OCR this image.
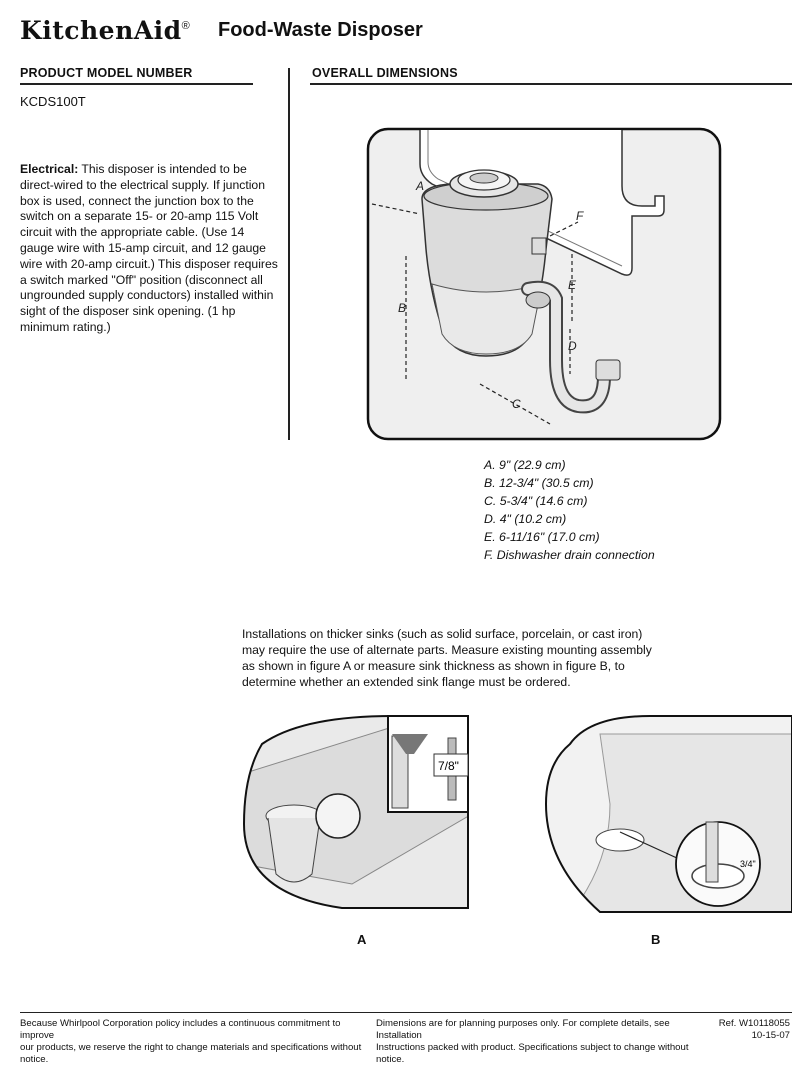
KitchenAid® Food-Waste Disposer
PRODUCT MODEL NUMBER
KCDS100T
Electrical: This disposer is intended to be direct-wired to the electrical supply. If junction box is used, connect the junction box to the switch on a separate 15- or 20-amp 115 Volt circuit with the appropriate cable. (Use 14 gauge wire with 15-amp circuit, and 12 gauge wire with 20-amp circuit.) This disposer requires a switch marked "Off" position (disconnect all ungrounded supply conductors) installed within sight of the disposer sink opening. (1 hp minimum rating.)
OVERALL DIMENSIONS
A
B
C
D
E
F
A. 9" (22.9 cm)
B. 12-3/4" (30.5 cm)
C. 5-3/4" (14.6 cm)
D. 4" (10.2 cm)
E. 6-11/16" (17.0 cm)
F. Dishwasher drain connection
Installations on thicker sinks (such as solid surface, porcelain, or cast iron) may require the use of alternate parts. Measure existing mounting assembly as shown in figure A or measure sink thickness as shown in figure B, to determine whether an extended sink flange must be ordered.
7/8"
3/4"
A	B
Because Whirlpool Corporation policy includes a continuous commitment to improve
our products, we reserve the right to change materials and specifications without notice.
Dimensions are for planning purposes only. For complete details, see Installation
Instructions packed with product. Specifications subject to change without notice.
Ref. W10118055
10-15-07
